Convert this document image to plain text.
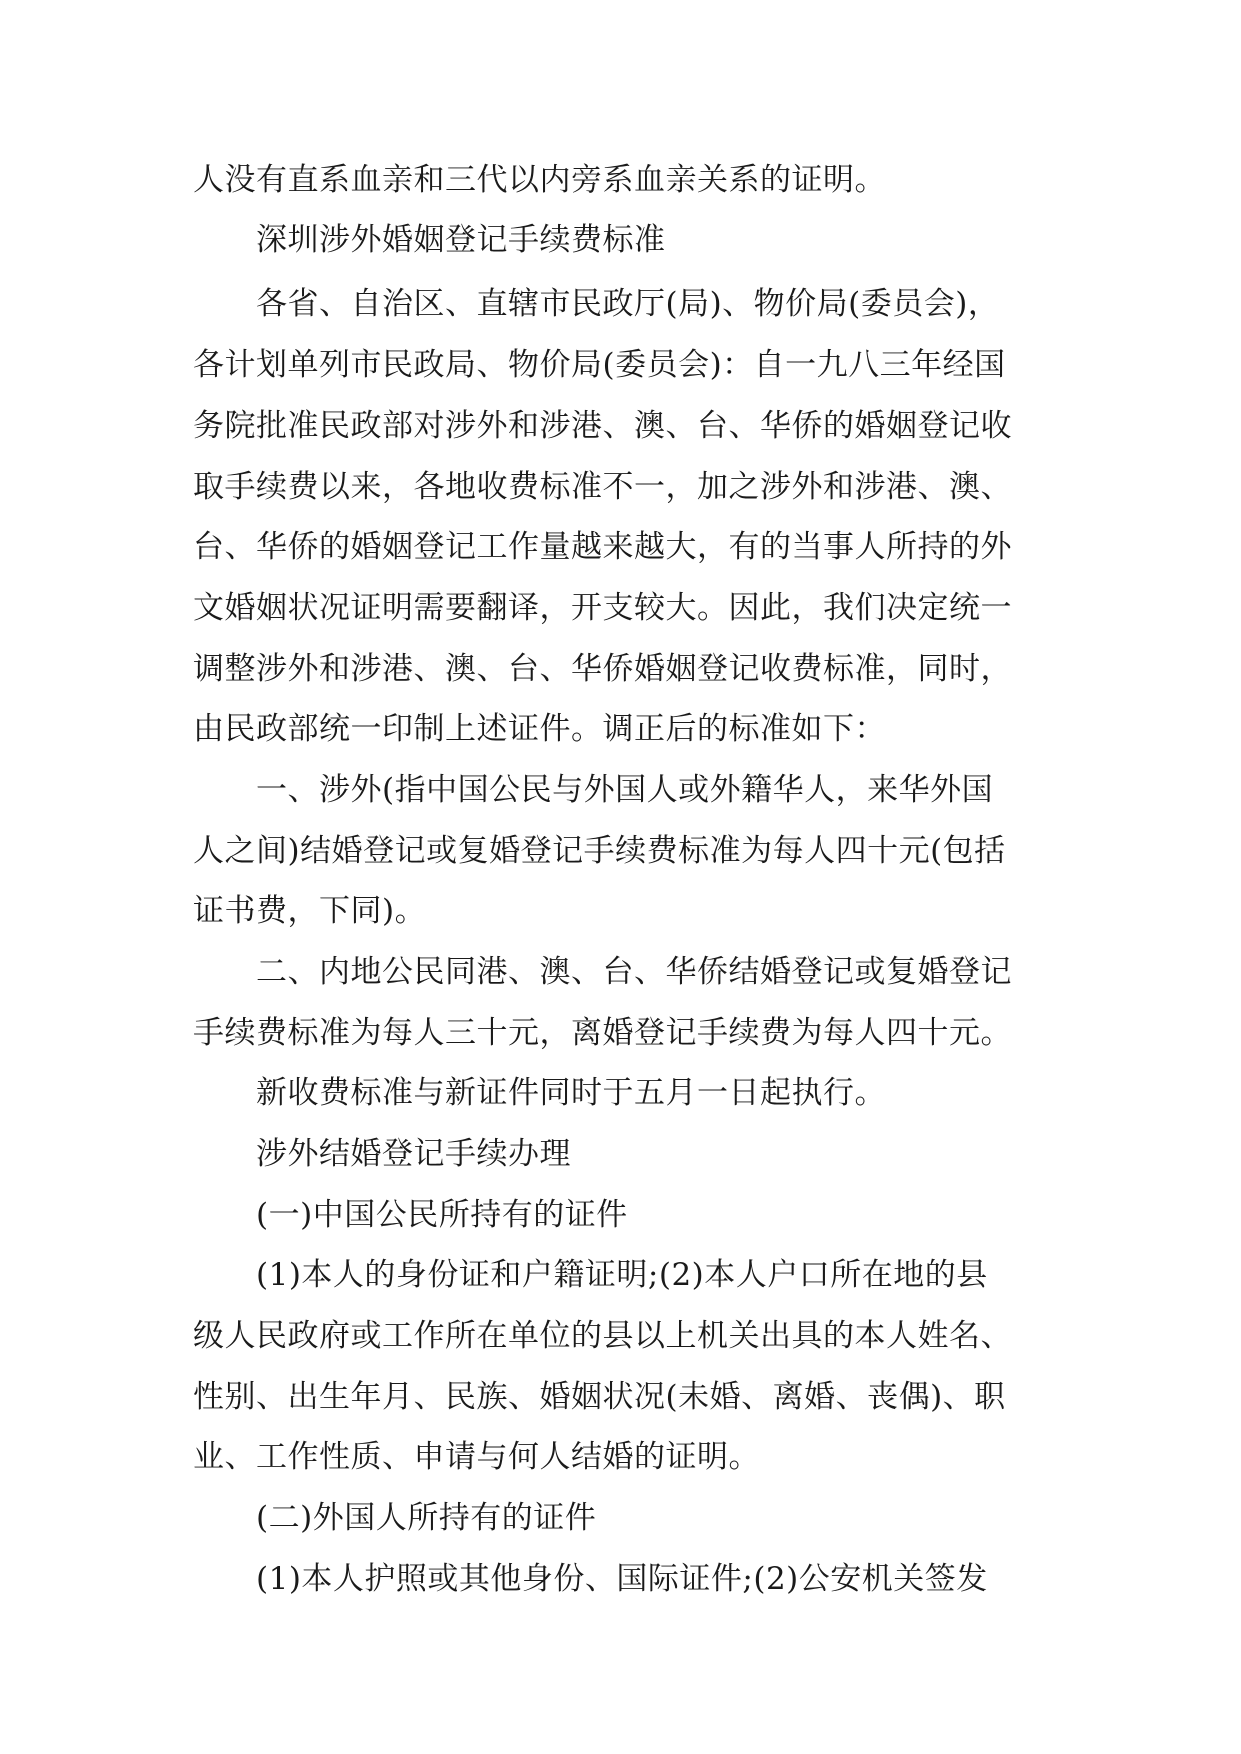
人没有直系血亲和三代以内旁系血亲关系的证明。
深圳涉外婚姻登记手续费标准
各省、自治区、直辖市民政厅(局)、物价局(委员会)，
各计划单列市民政局、物价局(委员会)：自一九八三年经国
务院批准民政部对涉外和涉港、澳、台、华侨的婚姻登记收
取手续费以来，各地收费标准不一，加之涉外和涉港、澳、
台、华侨的婚姻登记工作量越来越大，有的当事人所持的外
文婚姻状况证明需要翻译，开支较大。因此，我们决定统一
调整涉外和涉港、澳、台、华侨婚姻登记收费标准，同时，
由民政部统一印制上述证件。调正后的标准如下：
一、涉外(指中国公民与外国人或外籍华人，来华外国
人之间)结婚登记或复婚登记手续费标准为每人四十元(包括
证书费，下同)。
二、内地公民同港、澳、台、华侨结婚登记或复婚登记
手续费标准为每人三十元，离婚登记手续费为每人四十元。
新收费标准与新证件同时于五月一日起执行。
涉外结婚登记手续办理
(一)中国公民所持有的证件
(1)本人的身份证和户籍证明;(2)本人户口所在地的县
级人民政府或工作所在单位的县以上机关出具的本人姓名、
性别、出生年月、民族、婚姻状况(未婚、离婚、丧偶)、职
业、工作性质、申请与何人结婚的证明。
(二)外国人所持有的证件
(1)本人护照或其他身份、国际证件;(2)公安机关签发
